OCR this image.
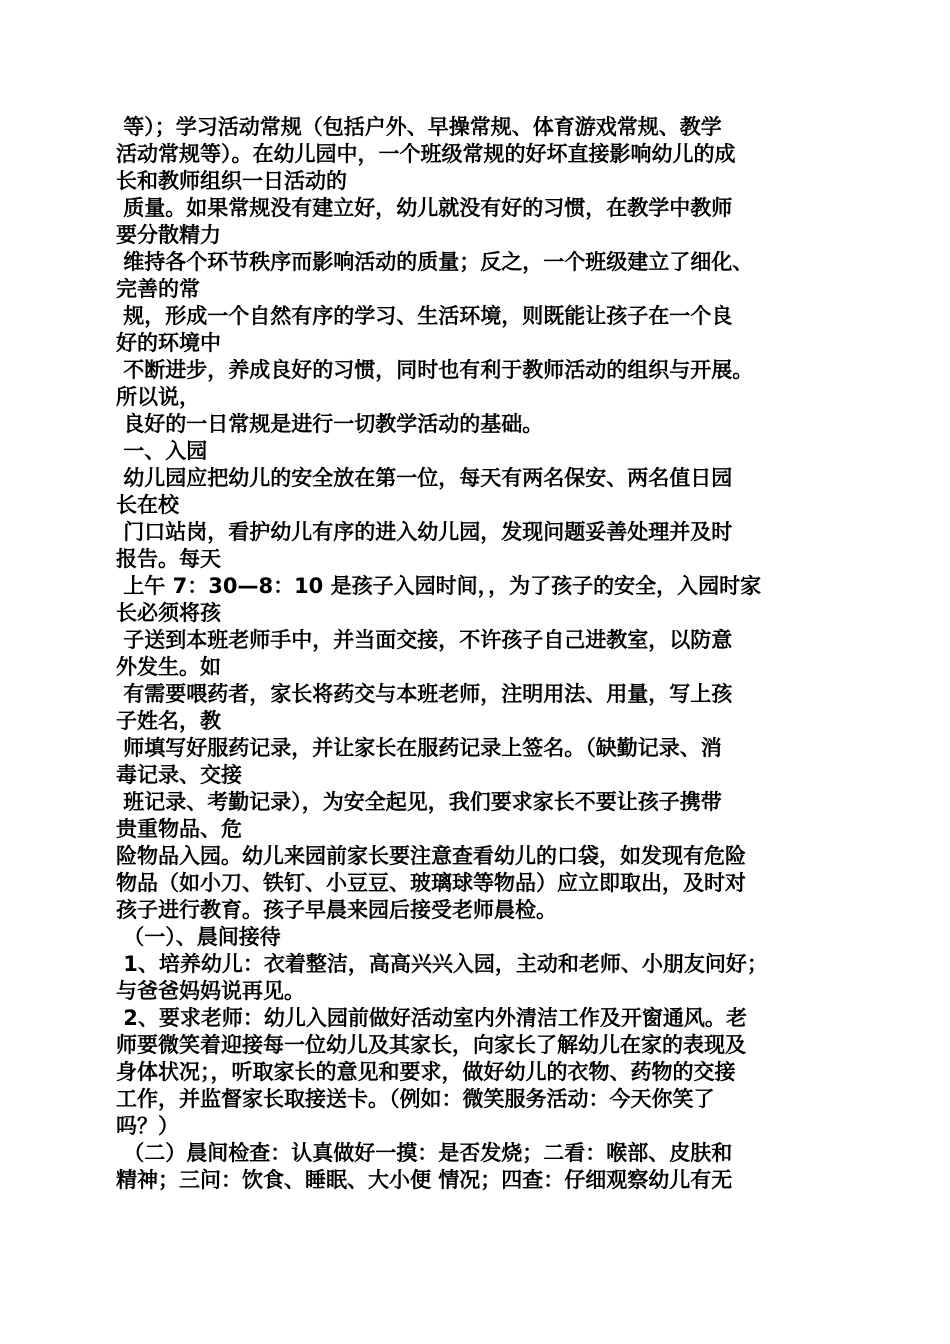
等）；学习活动常规（包括户外、早操常规、体育游戏常规、教学
活动常规等）。在幼儿园中，一个班级常规的好坏直接影响幼儿的成
长和教师组织一日活动的
质量。如果常规没有建立好，幼儿就没有好的习惯，在教学中教师
要分散精力
维持各个环节秩序而影响活动的质量；反之，一个班级建立了细化、
完善的常
规，形成一个自然有序的学习、生活环境，则既能让孩子在一个良
好的环境中
不断进步，养成良好的习惯，同时也有利于教师活动的组织与开展。
所以说，
良好的一日常规是进行一切教学活动的基础。
一、入园
幼儿园应把幼儿的安全放在第一位，每天有两名保安、两名值日园
长在校
门口站岗，看护幼儿有序的进入幼儿园，发现问题妥善处理并及时
报告。每天
上午 7：30—8：10 是孩子入园时间，，为了孩子的安全，入园时家
长必须将孩
子送到本班老师手中，并当面交接，不许孩子自己进教室，以防意
外发生。如
有需要喂药者，家长将药交与本班老师，注明用法、用量，写上孩
子姓名，教
师填写好服药记录，并让家长在服药记录上签名。（缺勤记录、消
毒记录、交接
班记录、考勤记录），为安全起见，我们要求家长不要让孩子携带
贵重物品、危
险物品入园。幼儿来园前家长要注意查看幼儿的口袋，如发现有危险
物品（如小刀、铁钉、小豆豆、玻璃球等物品）应立即取出，及时对
孩子进行教育。孩子早晨来园后接受老师晨检。
（一）、晨间接待
1、培养幼儿：衣着整洁，高高兴兴入园，主动和老师、小朋友问好；
与爸爸妈妈说再见。
2、要求老师：幼儿入园前做好活动室内外清洁工作及开窗通风。老
师要微笑着迎接每一位幼儿及其家长，向家长了解幼儿在家的表现及
身体状况；，听取家长的意见和要求，做好幼儿的衣物、药物的交接
工作，并监督家长取接送卡。（例如：微笑服务活动：今天你笑了
吗？）
（二）晨间检查：认真做好一摸：是否发烧；二看：喉部、皮肤和
精神；三问：饮食、睡眠、大小便 情况；四查：仔细观察幼儿有无
